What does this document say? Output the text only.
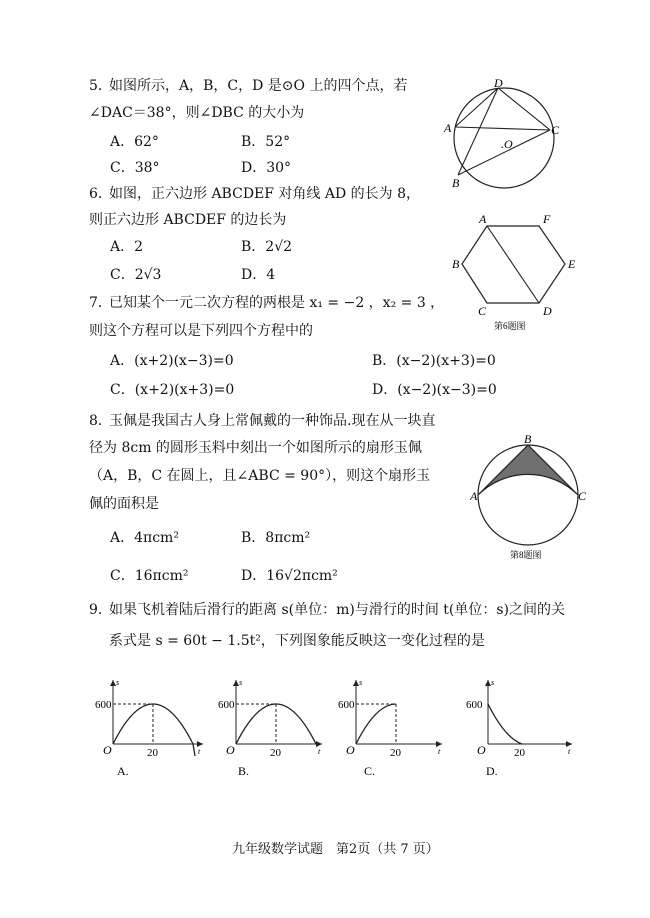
5．
如图所示，A，B，C，D 是⊙O 上的四个点，若
∠DAC＝38°，则∠DBC 的大小为
A．62°	B．52°
C．38°	D．30°
D
A	C
B
.O
6．
如图，正六边形 ABCDEF 对角线 AD 的长为 8，
则正六边形 ABCDEF 的边长为
A．2	B．2√2
C．2√3	D．4
A	F
B	E
C	D
第6题图
7．
已知某个一元二次方程的两根是 x₁ = −2 ，x₂ = 3 ，
则这个方程可以是下列四个方程中的
A．(x+2)(x−3)=0	B．(x−2)(x+3)=0
C．(x+2)(x+3)=0	D．(x−2)(x−3)=0
8．
玉佩是我国古人身上常佩戴的一种饰品.现在从一块直
径为 8cm 的圆形玉料中刻出一个如图所示的扇形玉佩
（A，B，C 在圆上，且∠ABC = 90°），则这个扇形玉
佩的面积是
A．4πcm²	B．8πcm²
C．16πcm²	D．16√2πcm²
B
A	C
第8题图
9．
如果飞机着陆后滑行的距离 s(单位：m)与滑行的时间 t(单位：s)之间的关
系式是 s = 60t − 1.5t²，下列图象能反映这一变化过程的是
s
600
O	20	t
A.
s
600
O	20	t
B.
s
600
O	20	t
C.
s
600
O	20	t
D.
九年级数学试题　第2页（共 7 页）
